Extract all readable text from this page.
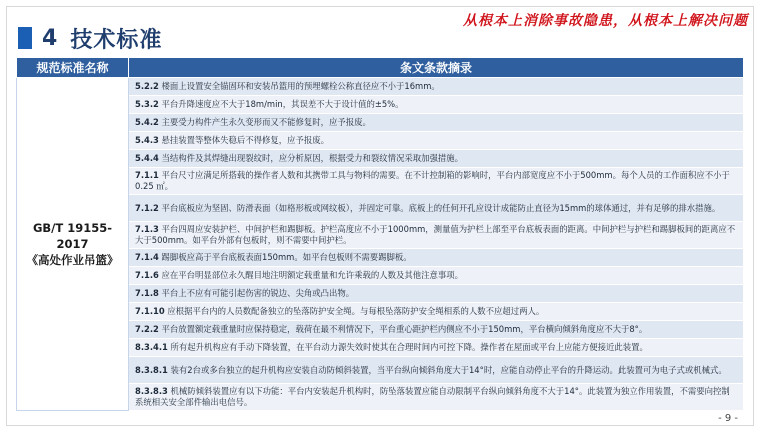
从根本上消除事故隐患，从根本上解决问题
4 技术标准
规范标准名称	条文条款摘录

GB/T 19155-2017
《高处作业吊篮》	5.2.2 楼面上设置安全锚固环和安装吊篮用的预埋螺栓公称直径应不小于16mm。
	5.3.2 平台升降速度应不大于18m/min，其误差不大于设计值的±5%。
	5.4.2 主要受力构件产生永久变形而又不能修复时，应予报废。
	5.4.3 悬挂装置等整体失稳后不得修复，应予报废。
	5.4.4 当结构件及其焊缝出现裂纹时，应分析原因，根据受力和裂纹情况采取加强措施。
	7.1.1 平台尺寸应满足所搭载的操作者人数和其携带工具与物料的需要。在不计控制箱的影响时，平台内部宽度应不小于500mm。每个人员的工作面积应不小于0.25 ㎡。
	7.1.2 平台底板应为坚固、防滑表面（如格形板或网纹板），并固定可靠。底板上的任何开孔应设计成能防止直径为15mm的球体通过，并有足够的排水措施。
	7.1.3 平台四周应安装护栏、中间护栏和踢脚板。护栏高度应不小于1000mm，测量值为护栏上部至平台底板表面的距离。中间护栏与护栏和踢脚板间的距离应不大于500mm。如平台外部有包板时，则不需要中间护栏。
	7.1.4 踢脚板应高于平台底板表面150mm。如平台包板则不需要踢脚板。
	7.1.6 应在平台明显部位永久醒目地注明额定载重量和允许乘载的人数及其他注意事项。
	7.1.8 平台上不应有可能引起伤害的锐边、尖角或凸出物。
	7.1.10 应根据平台内的人员数配备独立的坠落防护安全绳。与每根坠落防护安全绳相系的人数不应超过两人。
	7.2.2 平台放置额定载重量时应保持稳定，载荷在最不利情况下，平台重心距护栏内侧应不小于150mm，平台横向倾斜角度应不大于8°。
	8.3.4.1 所有起升机构应有手动下降装置，在平台动力源失效时使其在合理时间内可控下降。操作者在屋面或平台上应能方便接近此装置。
	8.3.8.1 装有2台或多台独立的起升机构应安装自动防倾斜装置，当平台纵向倾斜角度大于14°时，应能自动停止平台的升降运动。此装置可为电子式或机械式。
	8.3.8.3 机械防倾斜装置应有以下功能：平台内安装起升机构时，防坠落装置应能自动限制平台纵向倾斜角度不大于14°。此装置为独立作用装置，不需要向控制系统相关安全部件输出电信号。
- 9 -
